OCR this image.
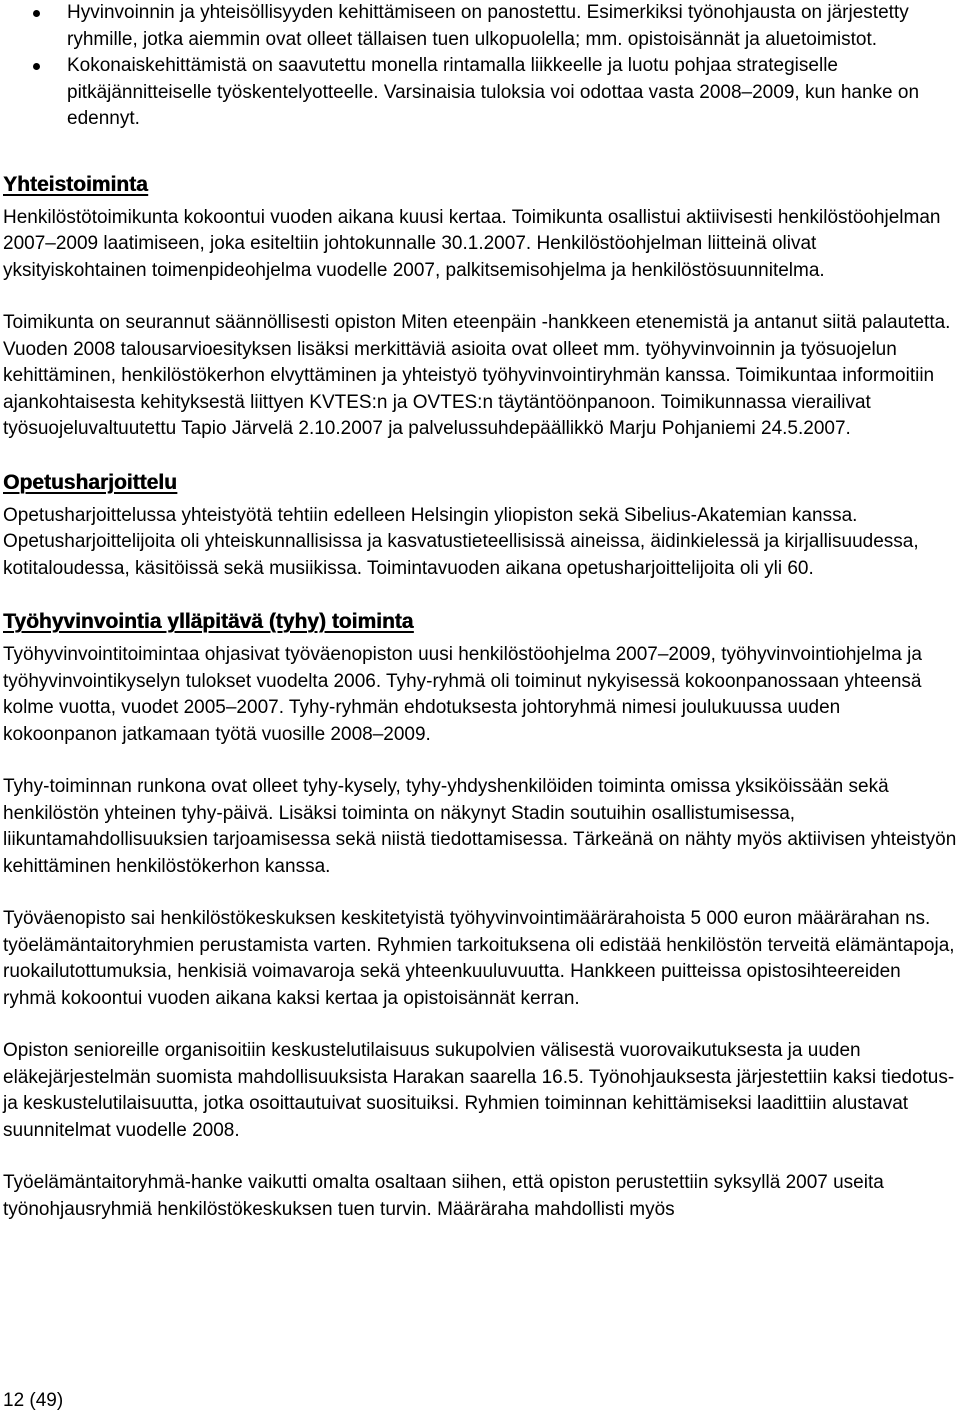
Hyvinvoinnin ja yhteisöllisyyden kehittämiseen on panostettu. Esimerkiksi työnohjausta on järjestetty ryhmille, jotka aiemmin ovat olleet tällaisen tuen ulkopuolella; mm. opistoisännät ja aluetoimistot.
Kokonaiskehittämistä on saavutettu monella rintamalla liikkeelle ja luotu pohjaa strategiselle pitkäjännitteiselle työskentelyotteelle. Varsinaisia tuloksia voi odottaa vasta 2008–2009, kun hanke on edennyt.
Yhteistoiminta

Henkilöstötoimikunta kokoontui vuoden aikana kuusi kertaa. Toimikunta osallistui aktiivisesti henkilöstöohjelman 2007–2009 laatimiseen, joka esiteltiin johtokunnalle 30.1.2007. Henkilöstöohjelman liitteinä olivat yksityiskohtainen toimenpideohjelma vuodelle 2007, palkitsemisohjelma ja henkilöstösuunnitelma.

Toimikunta on seurannut säännöllisesti opiston Miten eteenpäin -hankkeen etenemistä ja antanut siitä palautetta. Vuoden 2008 talousarvioesityksen lisäksi merkittäviä asioita ovat olleet mm. työhyvinvoinnin ja työsuojelun kehittäminen, henkilöstökerhon elvyttäminen ja yhteistyö työhyvinvointiryhmän kanssa. Toimikuntaa informoitiin ajankohtaisesta kehityksestä liittyen KVTES:n ja OVTES:n täytäntöönpanoon. Toimikunnassa vierailivat työsuojeluvaltuutettu Tapio Järvelä 2.10.2007 ja palvelussuhdepäällikkö Marju Pohjaniemi 24.5.2007.

Opetusharjoittelu

Opetusharjoittelussa yhteistyötä tehtiin edelleen Helsingin yliopiston sekä Sibelius-Akatemian kanssa. Opetusharjoittelijoita oli yhteiskunnallisissa ja kasvatustieteellisissä aineissa, äidinkielessä ja kirjallisuudessa, kotitaloudessa, käsitöissä sekä musiikissa. Toimintavuoden aikana opetusharjoittelijoita oli yli 60.

Työhyvinvointia ylläpitävä (tyhy) toiminta

Työhyvinvointitoimintaa ohjasivat työväenopiston uusi henkilöstöohjelma 2007–2009, työhyvinvointiohjelma ja työhyvinvointikyselyn tulokset vuodelta 2006. Tyhy-ryhmä oli toiminut nykyisessä kokoonpanossaan yhteensä kolme vuotta, vuodet 2005–2007. Tyhy-ryhmän ehdotuksesta johtoryhmä nimesi joulukuussa uuden kokoonpanon jatkamaan työtä vuosille 2008–2009.

Tyhy-toiminnan runkona ovat olleet tyhy-kysely, tyhy-yhdyshenkilöiden toiminta omissa yksiköissään sekä henkilöstön yhteinen tyhy-päivä. Lisäksi toiminta on näkynyt Stadin soutuihin osallistumisessa, liikuntamahdollisuuksien tarjoamisessa sekä niistä tiedottamisessa. Tärkeänä on nähty myös aktiivisen yhteistyön kehittäminen henkilöstökerhon kanssa.

Työväenopisto sai henkilöstökeskuksen keskitetyistä työhyvinvointimäärärahoista 5 000 euron määrärahan ns. työelämäntaitoryhmien perustamista varten. Ryhmien tarkoituksena oli edistää henkilöstön terveitä elämäntapoja, ruokailutottumuksia, henkisiä voimavaroja sekä yhteenkuuluvuutta. Hankkeen puitteissa opistosihteereiden ryhmä kokoontui vuoden aikana kaksi kertaa ja opistoisännät kerran.

Opiston senioreille organisoitiin keskustelutilaisuus sukupolvien välisestä vuorovaikutuksesta ja uuden eläkejärjestelmän suomista mahdollisuuksista Harakan saarella 16.5. Työnohjauksesta järjestettiin kaksi tiedotus- ja keskustelutilaisuutta, jotka osoittautuivat suosituiksi. Ryhmien toiminnan kehittämiseksi laadittiin alustavat suunnitelmat vuodelle 2008.

Työelämäntaitoryhmä-hanke vaikutti omalta osaltaan siihen, että opiston perustettiin syksyllä 2007 useita työnohjausryhmiä henkilöstökeskuksen tuen turvin. Määräraha mahdollisti myös

12 (49)
